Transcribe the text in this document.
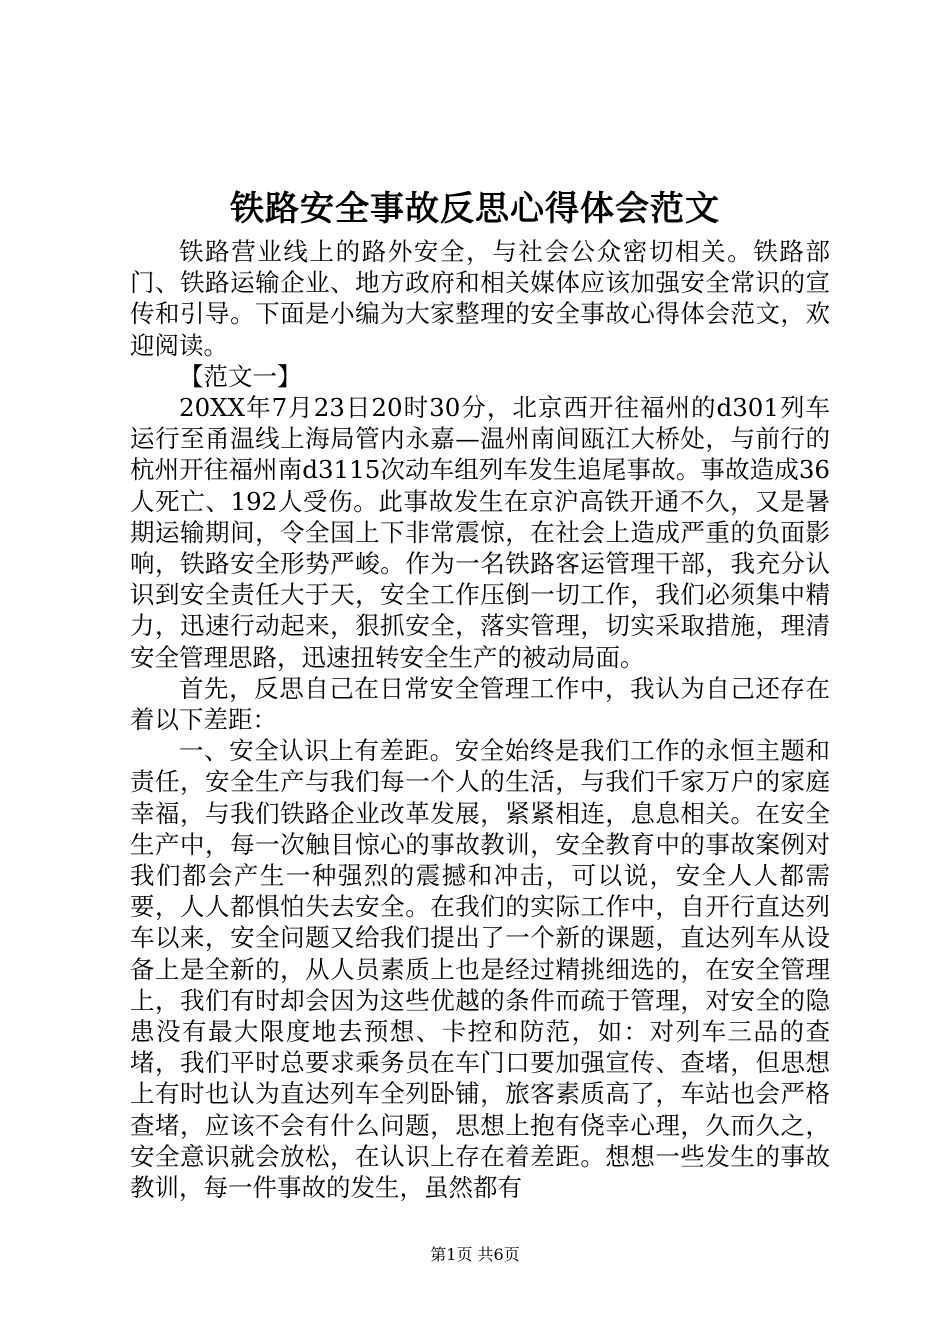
铁路安全事故反思心得体会范文

铁路营业线上的路外安全，与社会公众密切相关。铁路部门、铁路运输企业、地方政府和相关媒体应该加强安全常识的宣传和引导。下面是小编为大家整理的安全事故心得体会范文，欢迎阅读。

【范文一】

20XX年7月23日20时30分，北京西开往福州的d301列车运行至甬温线上海局管内永嘉—温州南间瓯江大桥处，与前行的杭州开往福州南d3115次动车组列车发生追尾事故。事故造成36人死亡、192人受伤。此事故发生在京沪高铁开通不久，又是暑期运输期间，令全国上下非常震惊，在社会上造成严重的负面影响，铁路安全形势严峻。作为一名铁路客运管理干部，我充分认识到安全责任大于天，安全工作压倒一切工作，我们必须集中精力，迅速行动起来，狠抓安全，落实管理，切实采取措施，理清安全管理思路，迅速扭转安全生产的被动局面。

首先，反思自己在日常安全管理工作中，我认为自己还存在着以下差距：

一、安全认识上有差距。安全始终是我们工作的永恒主题和责任，安全生产与我们每一个人的生活，与我们千家万户的家庭幸福，与我们铁路企业改革发展，紧紧相连，息息相关。在安全生产中，每一次触目惊心的事故教训，安全教育中的事故案例对我们都会产生一种强烈的震撼和冲击，可以说，安全人人都需要，人人都惧怕失去安全。在我们的实际工作中，自开行直达列车以来，安全问题又给我们提出了一个新的课题，直达列车从设备上是全新的，从人员素质上也是经过精挑细选的，在安全管理上，我们有时却会因为这些优越的条件而疏于管理，对安全的隐患没有最大限度地去预想、卡控和防范，如：对列车三品的查堵，我们平时总要求乘务员在车门口要加强宣传、查堵，但思想上有时也认为直达列车全列卧铺，旅客素质高了，车站也会严格查堵，应该不会有什么问题，思想上抱有侥幸心理，久而久之，安全意识就会放松，在认识上存在着差距。想想一些发生的事故教训，每一件事故的发生，虽然都有

第1页 共6页
